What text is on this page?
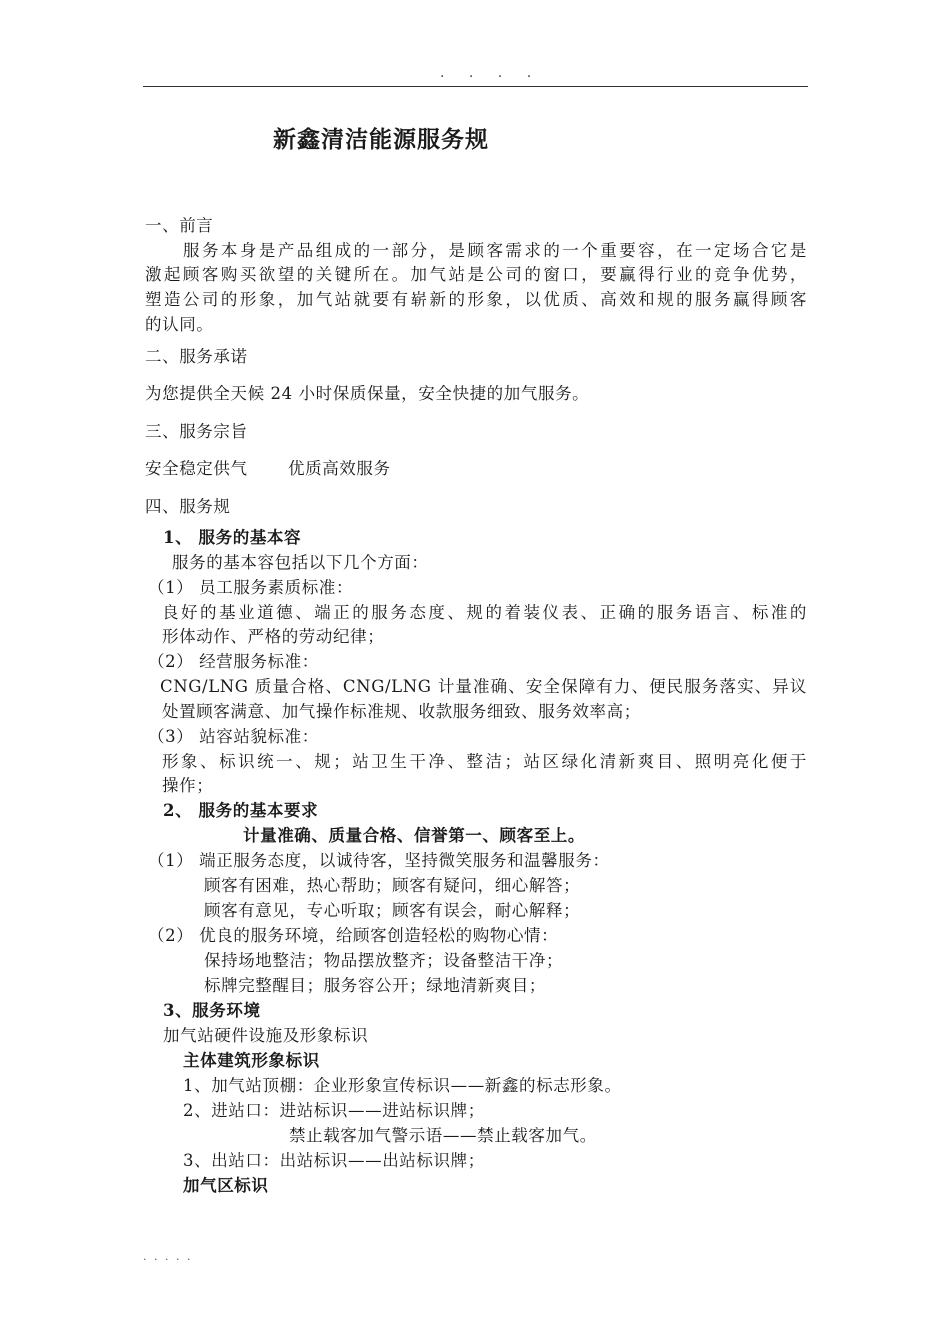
. . . .
新鑫清洁能源服务规
一、前言
服务本身是产品组成的一部分，是顾客需求的一个重要容，在一定场合它是
激起顾客购买欲望的关键所在。加气站是公司的窗口，要赢得行业的竞争优势，
塑造公司的形象，加气站就要有崭新的形象，以优质、高效和规的服务赢得顾客
的认同。
二、服务承诺
为您提供全天候 24 小时保质保量，安全快捷的加气服务。
三、服务宗旨
安全稳定供气 优质高效服务
四、服务规
1、 服务的基本容
服务的基本容包括以下几个方面：
（1） 员工服务素质标准：
良好的基业道德、端正的服务态度、规的着装仪表、正确的服务语言、标准的
形体动作、严格的劳动纪律；
（2） 经营服务标准：
CNG/LNG 质量合格、CNG/LNG 计量准确、安全保障有力、便民服务落实、异议
处置顾客满意、加气操作标准规、收款服务细致、服务效率高；
（3） 站容站貌标准：
形象、标识统一、规；站卫生干净、整洁；站区绿化清新爽目、照明亮化便于
操作；
2、 服务的基本要求
计量准确、质量合格、信誉第一、顾客至上。
（1） 端正服务态度，以诚待客，坚持微笑服务和温馨服务：
顾客有困难，热心帮助；顾客有疑问，细心解答；
顾客有意见，专心听取；顾客有误会，耐心解释；
（2） 优良的服务环境，给顾客创造轻松的购物心情：
保持场地整洁；物品摆放整齐；设备整洁干净；
标牌完整醒目；服务容公开；绿地清新爽目；
3、服务环境
加气站硬件设施及形象标识
主体建筑形象标识
1、加气站顶棚：企业形象宣传标识——新鑫的标志形象。
2、进站口：进站标识——进站标识牌；
禁止载客加气警示语——禁止载客加气。
3、出站口：出站标识——出站标识牌；
加气区标识
. . . . .
